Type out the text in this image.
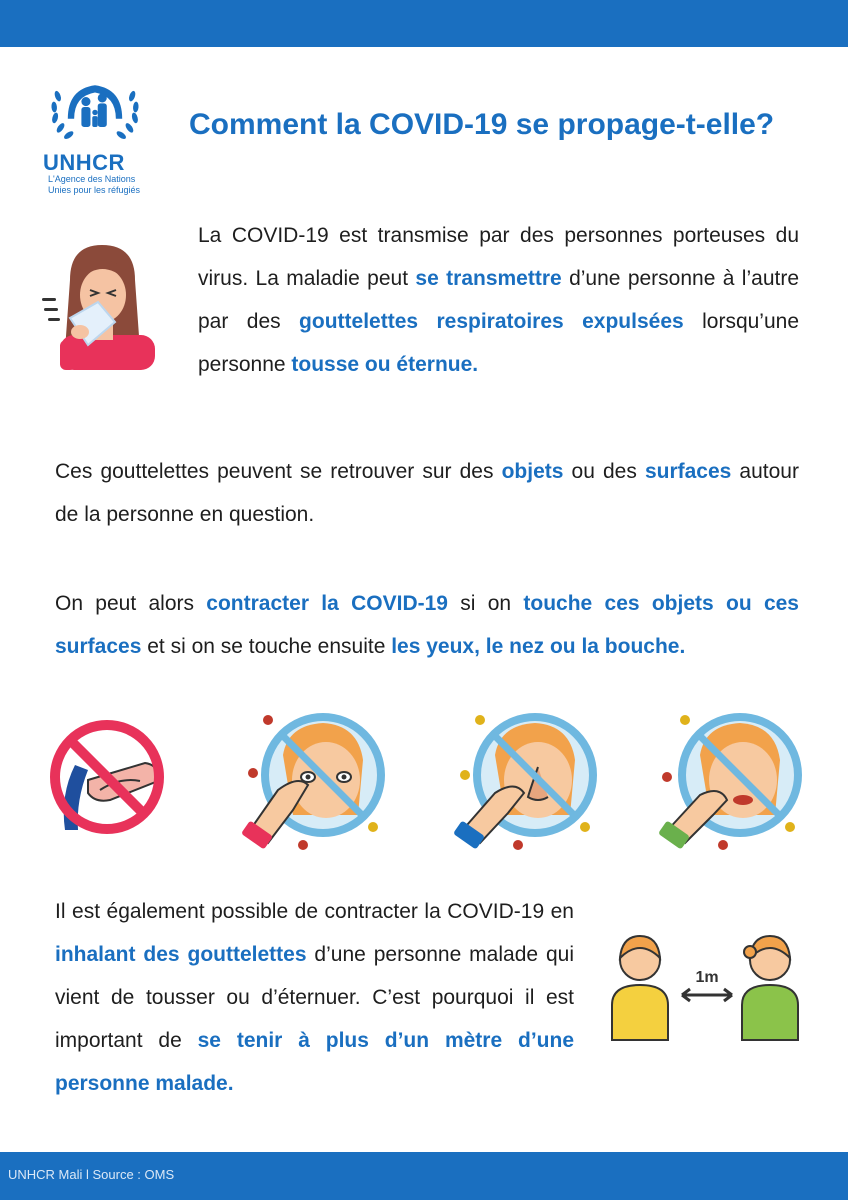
UNHCR
L'Agence des Nations
Unies pour les réfugiés
Comment la COVID-19 se propage-t-elle?

La COVID-19 est transmise par des personnes porteuses du virus. La maladie peut se transmettre d’une personne à l’autre par des gouttelettes respiratoires expulsées lorsqu’une personne tousse ou éternue.

Ces gouttelettes peuvent se retrouver sur des objets ou des surfaces autour de la personne en question.

On peut alors contracter la COVID-19 si on touche ces objets ou ces surfaces et si on se touche ensuite les yeux, le nez ou la bouche.

Il est également possible de contracter la COVID-19 en inhalant des gouttelettes d’une personne malade qui vient de tousser ou d’éternuer. C’est pourquoi il est important de se tenir à plus d’un mètre d’une personne malade.

1m
UNHCR Mali l Source : OMS
